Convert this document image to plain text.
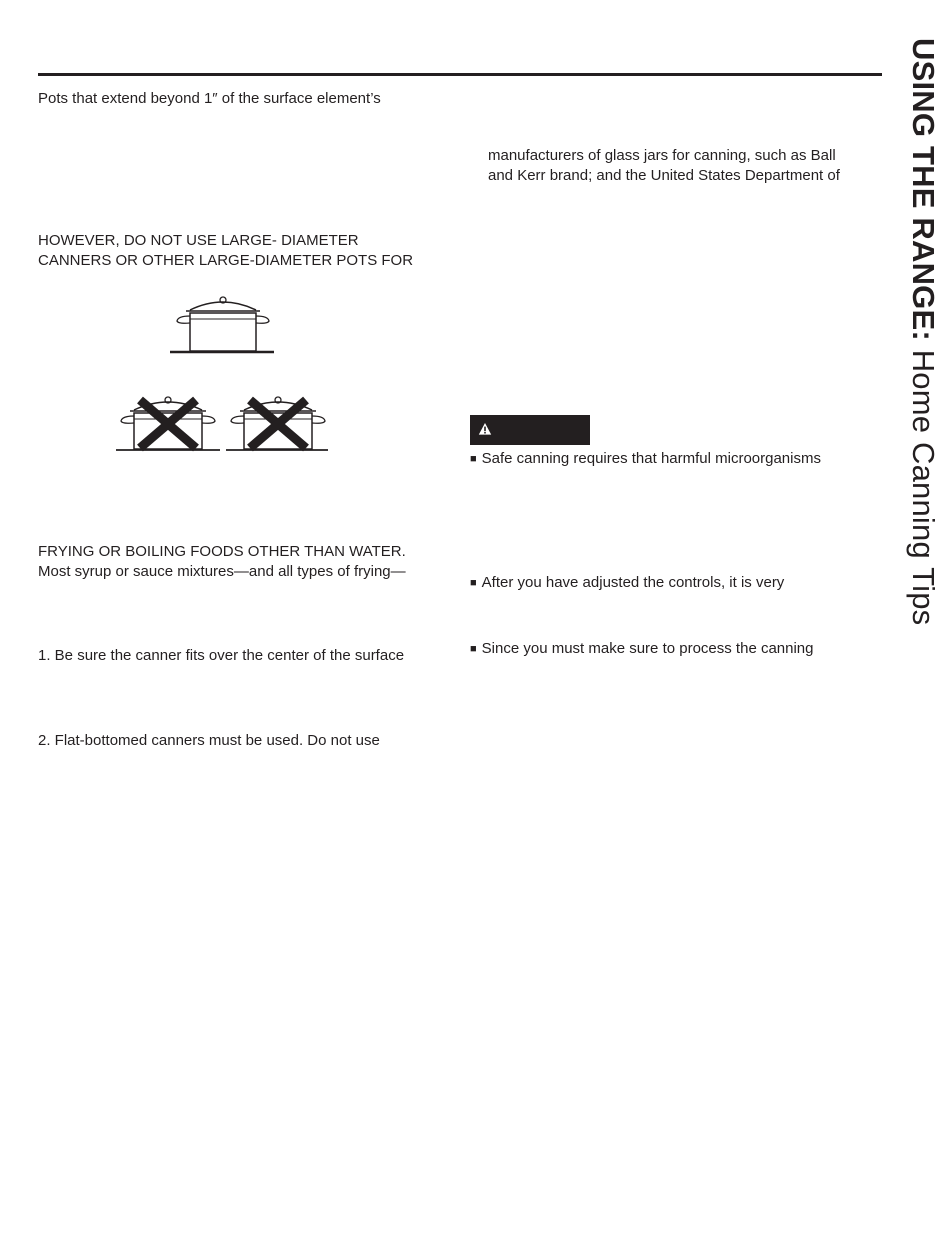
USING THE RANGE: Home Canning Tips
Pots that extend beyond 1″ of the surface element’s
HOWEVER, DO NOT USE LARGE- DIAMETER
CANNERS OR OTHER LARGE-DIAMETER POTS FOR
FRYING OR BOILING FOODS OTHER THAN WATER.
Most syrup or sauce mixtures—and all types of frying—
1. Be sure the canner fits over the center of the surface
2. Flat-bottomed canners must be used. Do not use
manufacturers of glass jars for canning, such as Ball
and Kerr brand; and the United States Department of
■ Safe canning requires that harmful microorganisms
■ After you have adjusted the controls, it is very
■ Since you must make sure to process the canning
